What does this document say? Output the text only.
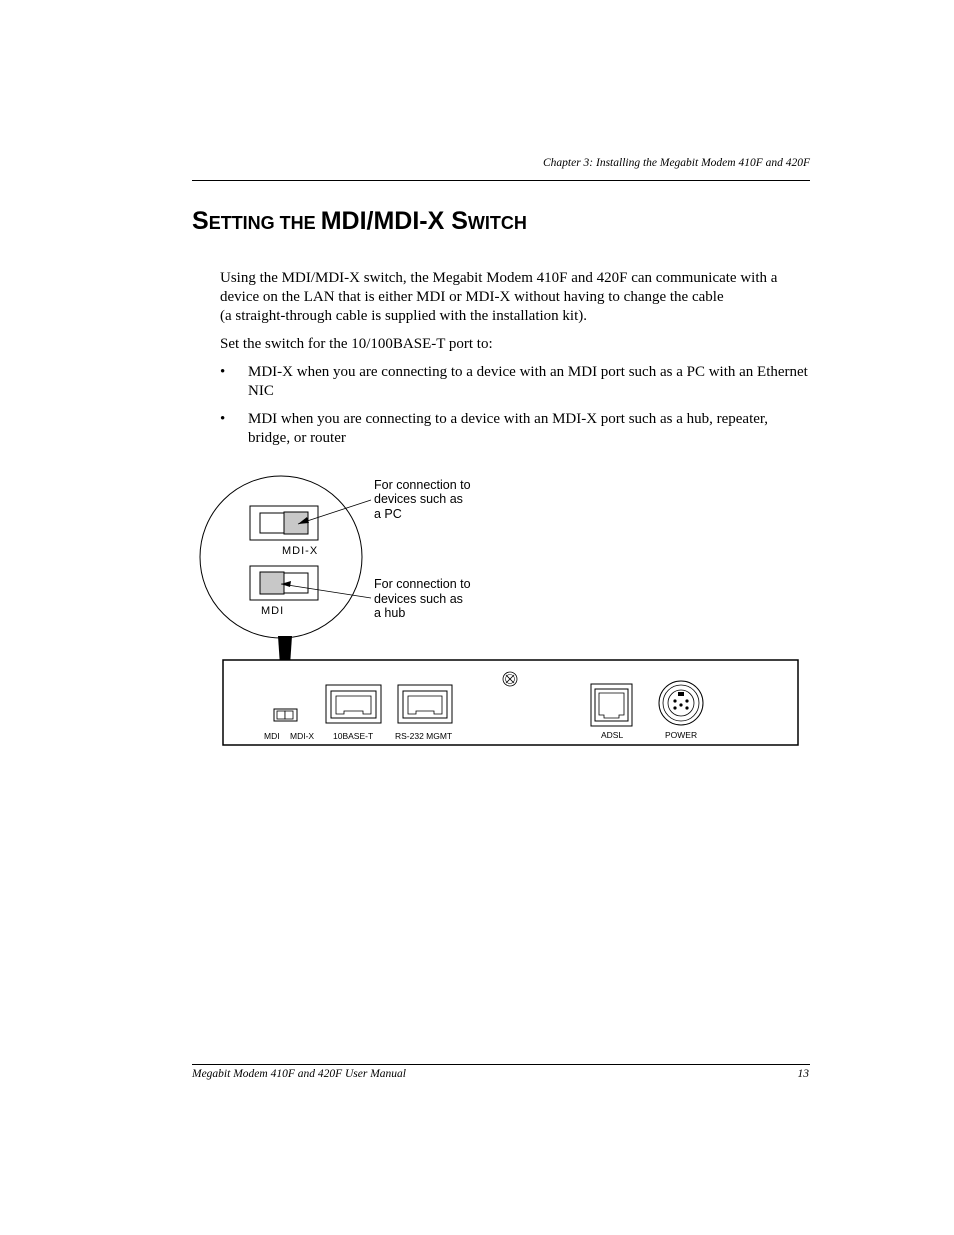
Chapter 3: Installing the Megabit Modem 410F and 420F
SETTING THE MDI/MDI-X SWITCH

Using the MDI/MDI-X switch, the Megabit Modem 410F and 420F can communicate with a
device on the LAN that is either MDI or MDI-X without having to change the cable
(a straight-through cable is supplied with the installation kit).

Set the switch for the 10/100BASE-T port to:

• MDI-X when you are connecting to a device with an MDI port such as a PC with an Ethernet NIC
• MDI when you are connecting to a device with an MDI-X port such as a hub, repeater, bridge, or router
MDI-X
MDI
For connection to devices such as a PC
For connection to devices such as a hub
MDI MDI-X 10BASE-T	RS-232 MGMT	ADSL	POWER
Megabit Modem 410F and 420F User Manual	13
